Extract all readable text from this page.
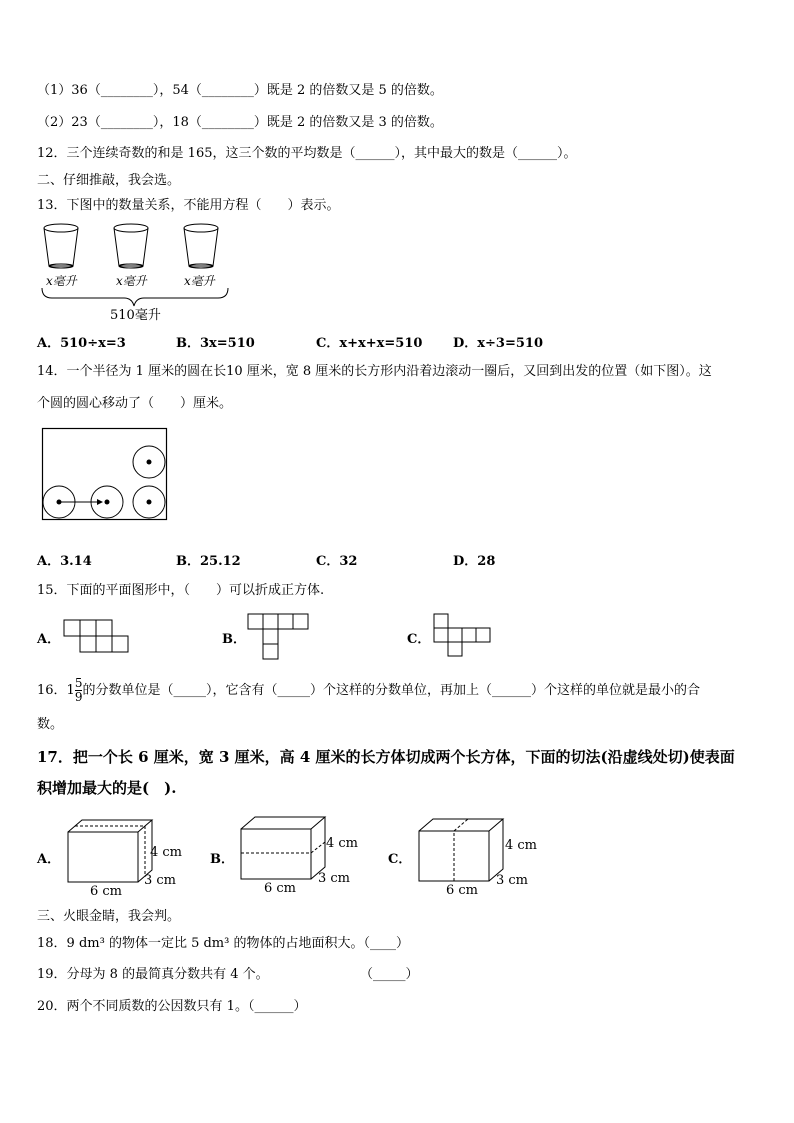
（1）36（________），54（________）既是 2 的倍数又是 5 的倍数。
（2）23（________），18（________）既是 2 的倍数又是 3 的倍数。
12．三个连续奇数的和是 165，这三个数的平均数是（______），其中最大的数是（______）。
二、仔细推敲，我会选。
13．下图中的数量关系，不能用方程（　　）表示。
x毫升	x毫升	x毫升
510毫升
A．510÷x=3	B．3x=510	C．x+x+x=510 D．x÷3=510
14．一个半径为 1 厘米的圆在长10 厘米，宽 8 厘米的长方形内沿着边滚动一圈后，又回到出发的位置（如下图）。这
个圆的圆心移动了（　　）厘米。
A．3.14	B．25.12	C．32	D．28
15．下面的平面图形中，（　　）可以折成正方体.
A．	B．	C．
16．$1 \frac{5}{9}$ 的分数单位是（_____），它含有（_____）个这样的分数单位，再加上（______）个这样的单位就是最小的合
数。
17．把一个长 6 厘米，宽 3 厘米，高 4 厘米的长方体切成两个长方体，下面的切法(沿虚线处切)使表面
积增加最大的是(　).
A．	4 cm
3 cm
6 cm
B．
4 cm
3 cm
6 cm
C．
4 cm
3 cm
6 cm
三、火眼金睛，我会判。
18．9 dm³ 的物体一定比 5 dm³ 的物体的占地面积大。（____）
19．分母为 8 的最简真分数共有 4 个。	（_____）
20．两个不同质数的公因数只有 1。（______）
